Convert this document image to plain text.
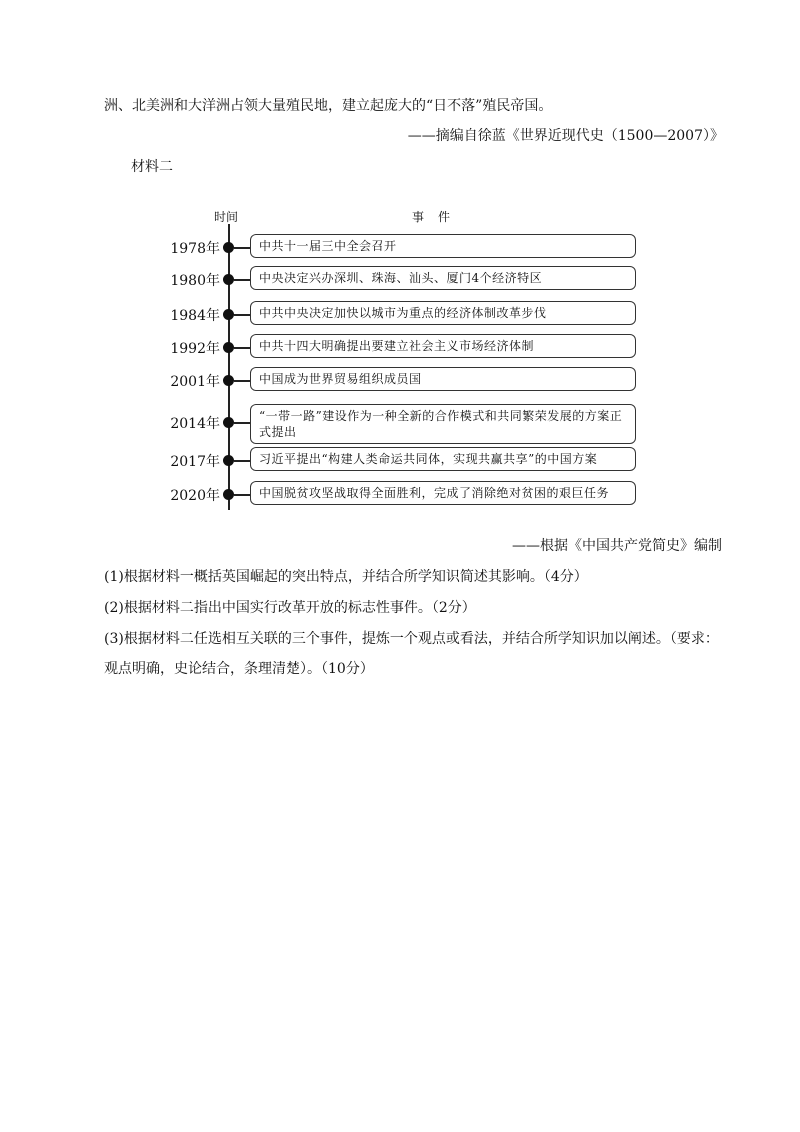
洲、北美洲和大洋洲占领大量殖民地，建立起庞大的“日不落”殖民帝国。
——摘编自徐蓝《世界近现代史（1500—2007）》
材料二
时间	事件
1978年	中共十一届三中全会召开
1980年	中央决定兴办深圳、珠海、汕头、厦门4个经济特区
1984年	中共中央决定加快以城市为重点的经济体制改革步伐
1992年	中共十四大明确提出要建立社会主义市场经济体制
2001年	中国成为世界贸易组织成员国
2014年	“一带一路”建设作为一种全新的合作模式和共同繁荣发展的方案正式提出
2017年	习近平提出“构建人类命运共同体，实现共赢共享”的中国方案
2020年	中国脱贫攻坚战取得全面胜利，完成了消除绝对贫困的艰巨任务
——根据《中国共产党简史》编制
(1)根据材料一概括英国崛起的突出特点，并结合所学知识简述其影响。（4分）
(2)根据材料二指出中国实行改革开放的标志性事件。（2分）
(3)根据材料二任选相互关联的三个事件，提炼一个观点或看法，并结合所学知识加以阐述。（要求：
观点明确，史论结合，条理清楚）。（10分）
